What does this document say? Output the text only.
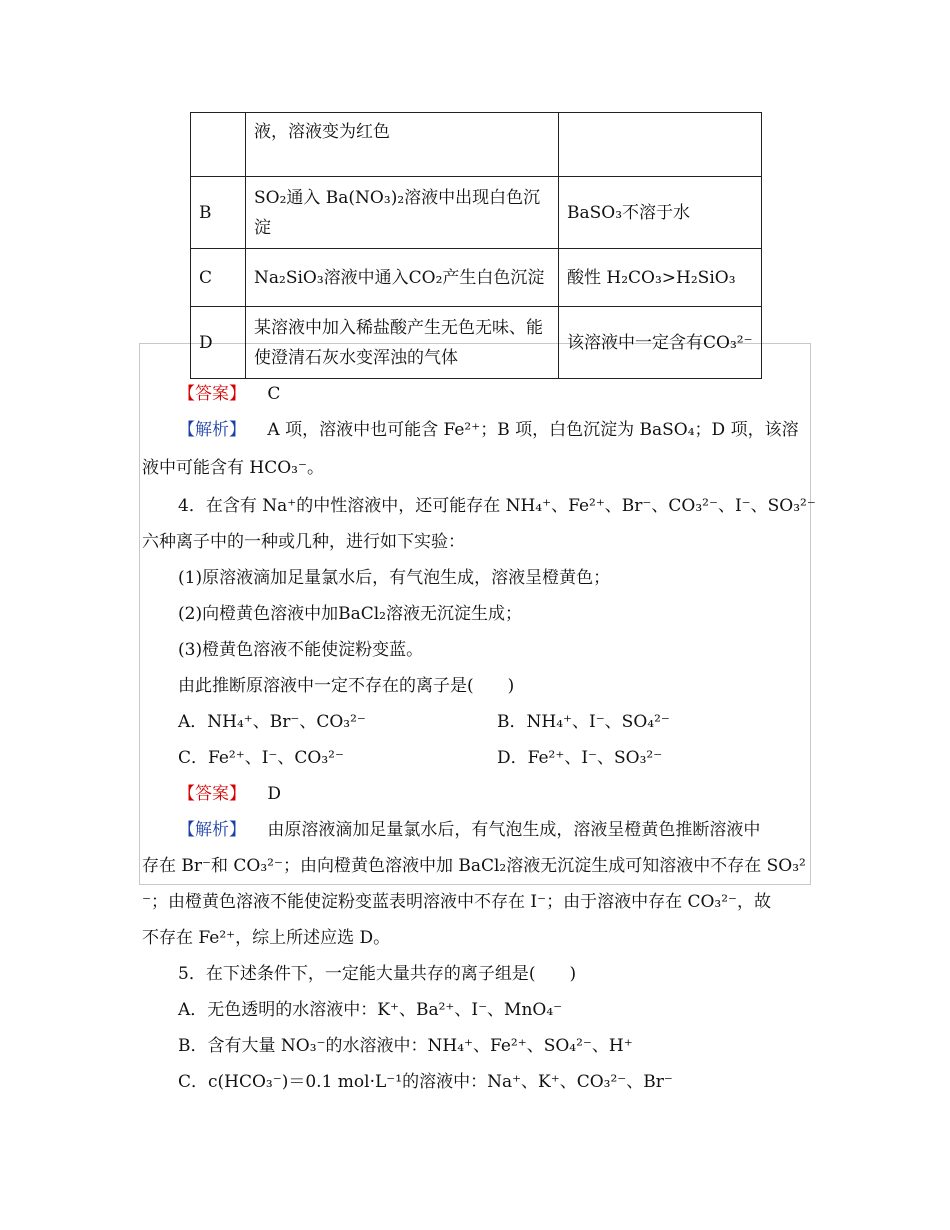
	液，溶液变为红色	
B	SO₂通入 Ba(NO₃)₂溶液中出现白色沉淀	BaSO₃不溶于水
C	Na₂SiO₃溶液中通入CO₂产生白色沉淀	酸性 H₂CO₃>H₂SiO₃
D	某溶液中加入稀盐酸产生无色无味、能使澄清石灰水变浑浊的气体	该溶液中一定含有CO₃²⁻
【答案】 C
【解析】 A 项，溶液中也可能含 Fe²⁺；B 项，白色沉淀为 BaSO₄；D 项，该溶
液中可能含有 HCO₃⁻。
4．在含有 Na⁺的中性溶液中，还可能存在 NH₄⁺、Fe²⁺、Br⁻、CO₃²⁻、I⁻、SO₃²⁻
六种离子中的一种或几种，进行如下实验：
(1)原溶液滴加足量氯水后，有气泡生成，溶液呈橙黄色；
(2)向橙黄色溶液中加BaCl₂溶液无沉淀生成；
(3)橙黄色溶液不能使淀粉变蓝。
由此推断原溶液中一定不存在的离子是(　　)
A．NH₄⁺、Br⁻、CO₃²⁻	B．NH₄⁺、I⁻、SO₄²⁻
C．Fe²⁺、I⁻、CO₃²⁻	D．Fe²⁺、I⁻、SO₃²⁻
【答案】 D
【解析】 由原溶液滴加足量氯水后，有气泡生成，溶液呈橙黄色推断溶液中
存在 Br⁻和 CO₃²⁻；由向橙黄色溶液中加 BaCl₂溶液无沉淀生成可知溶液中不存在 SO₃²
⁻；由橙黄色溶液不能使淀粉变蓝表明溶液中不存在 I⁻；由于溶液中存在 CO₃²⁻，故
不存在 Fe²⁺，综上所述应选 D。
5．在下述条件下，一定能大量共存的离子组是(　　)
A．无色透明的水溶液中：K⁺、Ba²⁺、I⁻、MnO₄⁻
B．含有大量 NO₃⁻的水溶液中：NH₄⁺、Fe²⁺、SO₄²⁻、H⁺
C．c(HCO₃⁻)＝0.1 mol·L⁻¹的溶液中：Na⁺、K⁺、CO₃²⁻、Br⁻
